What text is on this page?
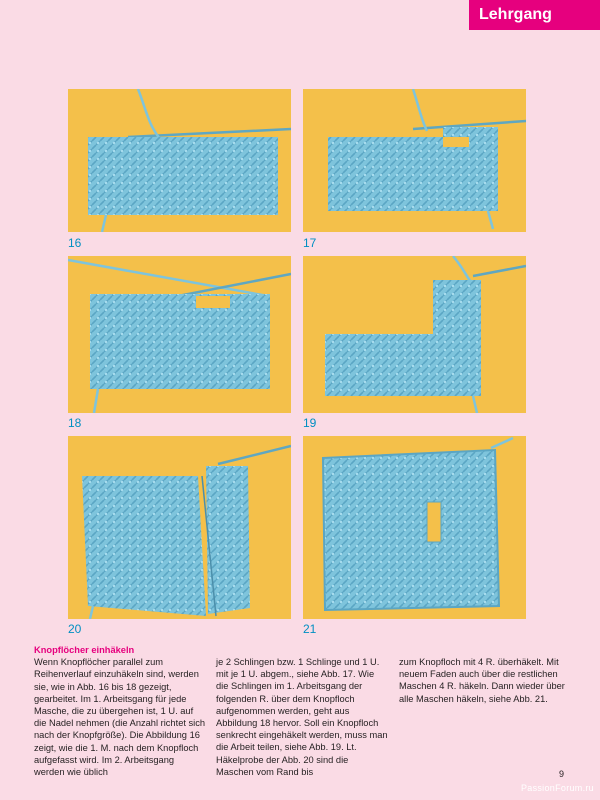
Lehrgang
16	17
18	19
20	21

Knopflöcher einhäkeln

Wenn Knopflöcher parallel zum Reihenverlauf einzuhäkeln sind, werden sie, wie in Abb. 16 bis 18 gezeigt, gearbeitet. Im 1. Arbeitsgang für jede Masche, die zu übergehen ist, 1 U. auf die Nadel nehmen (die Anzahl richtet sich nach der Knopfgröße). Die Abbildung 16 zeigt, wie die 1. M. nach dem Knopfloch aufgefasst wird. Im 2. Arbeitsgang werden wie üblich

je 2 Schlingen bzw. 1 Schlinge und 1 U. mit je 1 U. abgem., siehe Abb. 17. Wie die Schlingen im 1. Arbeitsgang der folgenden R. über dem Knopfloch aufgenommen werden, geht aus Abbildung 18 hervor. Soll ein Knopfloch senkrecht eingehäkelt werden, muss man die Arbeit teilen, siehe Abb. 19. Lt. Häkelprobe der Abb. 20 sind die Maschen vom Rand bis

zum Knopfloch mit 4 R. überhäkelt. Mit neuem Faden auch über die restlichen Maschen 4 R. häkeln. Dann wieder über alle Maschen häkeln, siehe Abb. 21.

9
PassionForum.ru
